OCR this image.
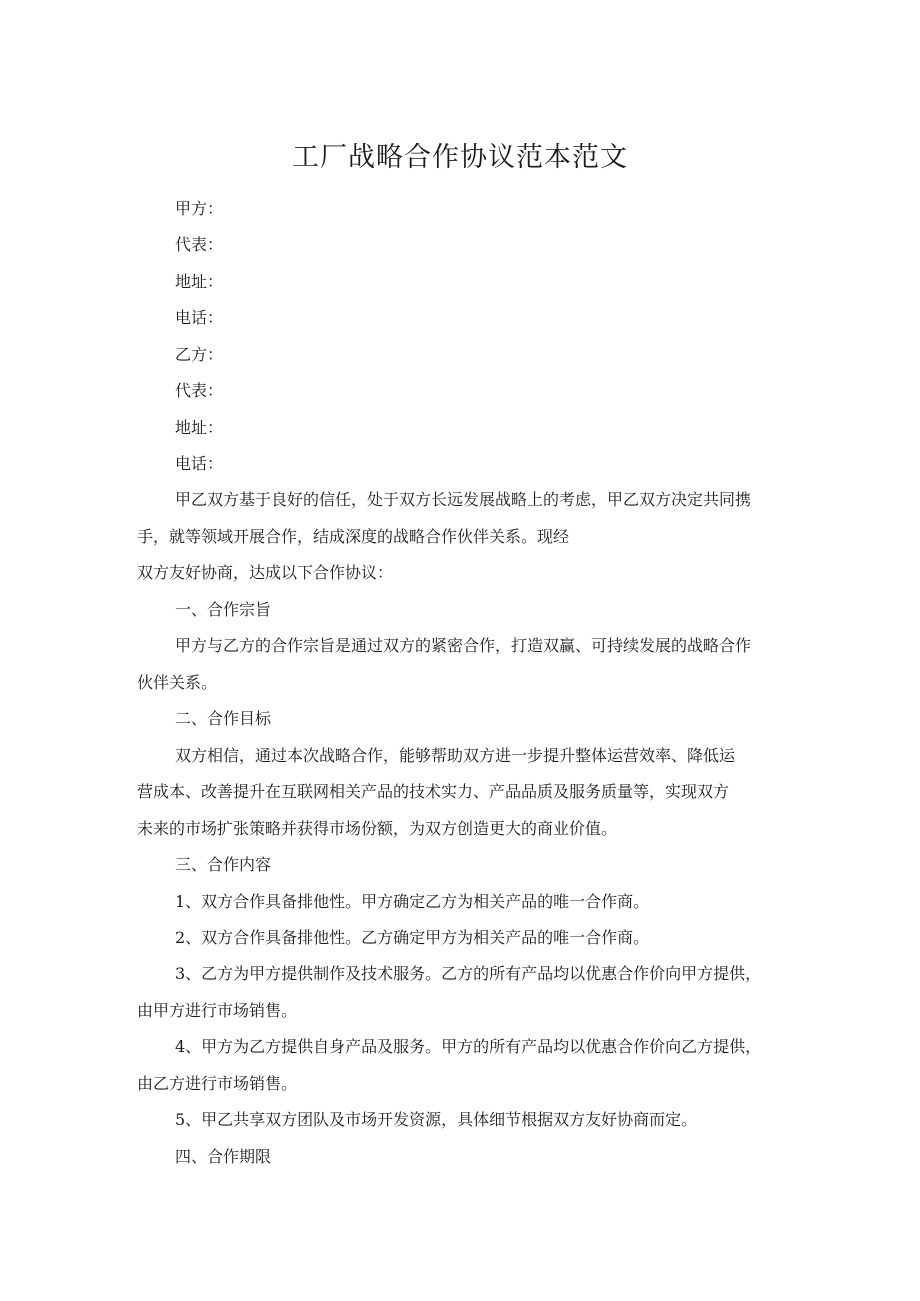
工厂战略合作协议范本范文
甲方：
代表：
地址：
电话：
乙方：
代表：
地址：
电话：
甲乙双方基于良好的信任，处于双方长远发展战略上的考虑，甲乙双方决定共同携
手，就等领域开展合作，结成深度的战略合作伙伴关系。现经
双方友好协商，达成以下合作协议：
一、合作宗旨
甲方与乙方的合作宗旨是通过双方的紧密合作，打造双赢、可持续发展的战略合作
伙伴关系。
二、合作目标
双方相信，通过本次战略合作，能够帮助双方进一步提升整体运营效率、降低运
营成本、改善提升在互联网相关产品的技术实力、产品品质及服务质量等，实现双方
未来的市场扩张策略并获得市场份额，为双方创造更大的商业价值。
三、合作内容
1、双方合作具备排他性。甲方确定乙方为相关产品的唯一合作商。
2、双方合作具备排他性。乙方确定甲方为相关产品的唯一合作商。
3、乙方为甲方提供制作及技术服务。乙方的所有产品均以优惠合作价向甲方提供，
由甲方进行市场销售。
4、甲方为乙方提供自身产品及服务。甲方的所有产品均以优惠合作价向乙方提供，
由乙方进行市场销售。
5、甲乙共享双方团队及市场开发资源，具体细节根据双方友好协商而定。
四、合作期限
